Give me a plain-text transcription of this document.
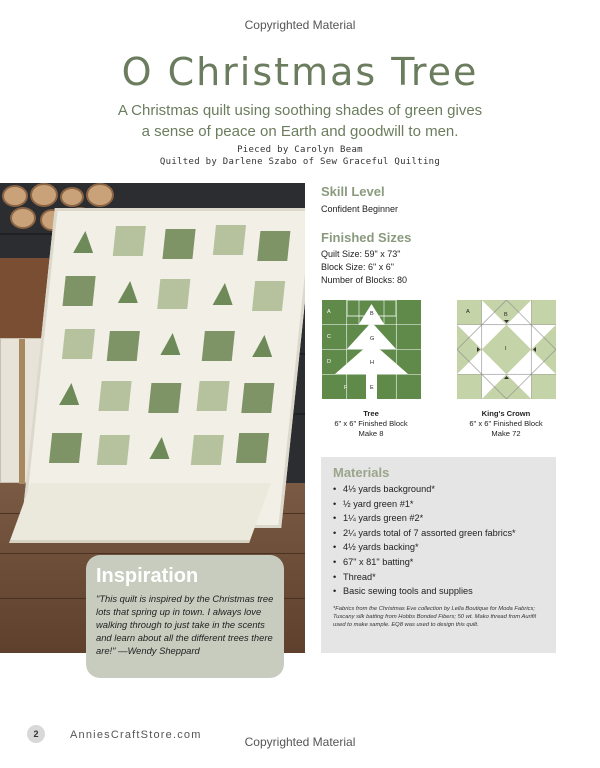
Copyrighted Material
O Christmas Tree
A Christmas quilt using soothing shades of green gives
a sense of peace on Earth and goodwill to men.
Pieced by Carolyn Beam
Quilted by Darlene Szabo of Sew Graceful Quilting
Inspiration
"This quilt is inspired by the Christmas tree lots that spring up in town. I always love walking through to just take in the scents and learn about all the different trees there are!" —Wendy Sheppard
Skill Level
Confident Beginner
Finished Sizes
Quilt Size: 59" x 73"
Block Size: 6" x 6"
Number of Blocks: 80
A	B
C	G
D	H
F	E
A	B
I
Tree
6" x 6" Finished Block
Make 8
King's Crown
6" x 6" Finished Block
Make 72
Materials
• 4⅓ yards background*
• ½ yard green #1*
• 1¼ yards green #2*
• 2¼ yards total of 7 assorted green fabrics*
• 4½ yards backing*
• 67" x 81" batting*
• Thread*
• Basic sewing tools and supplies
*Fabrics from the Christmas Eve collection by Lella Boutique for Moda Fabrics; Tuscany silk batting from Hobbs Bonded Fibers; 50 wt. Mako thread from Aurifil used to make sample. EQ8 was used to design this quilt.
2	AnniesCraftStore.com	Copyrighted Material
